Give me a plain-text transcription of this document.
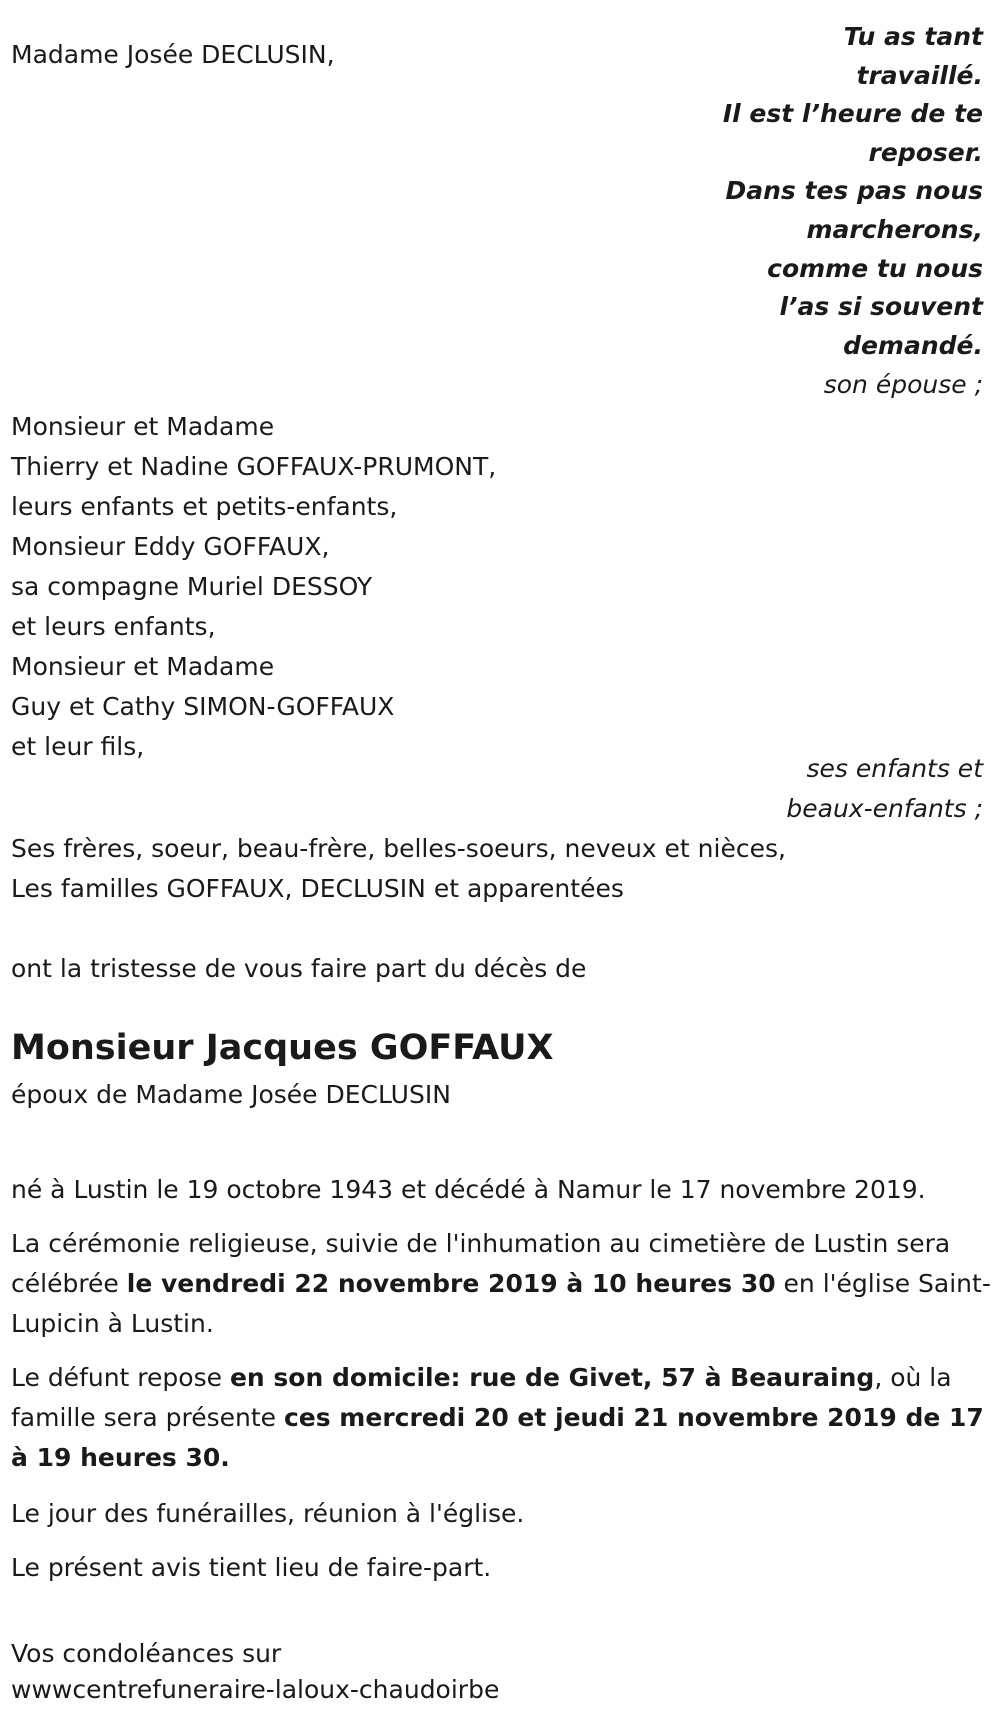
Madame Josée DECLUSIN,
Tu as tant
travaillé.
Il est l’heure de te
reposer.
Dans tes pas nous
marcherons,
comme tu nous
l’as si souvent
demandé.
son épouse ;
Monsieur et Madame
Thierry et Nadine GOFFAUX-PRUMONT,
leurs enfants et petits-enfants,
Monsieur Eddy GOFFAUX,
sa compagne Muriel DESSOY
et leurs enfants,
Monsieur et Madame
Guy et Cathy SIMON-GOFFAUX
et leur fils,
ses enfants et
beaux-enfants ;
Ses frères, soeur, beau-frère, belles-soeurs, neveux et nièces,
Les familles GOFFAUX, DECLUSIN et apparentées
ont la tristesse de vous faire part du décès de
Monsieur Jacques GOFFAUX
époux de Madame Josée DECLUSIN
né à Lustin le 19 octobre 1943 et décédé à Namur le 17 novembre 2019.
La cérémonie religieuse, suivie de l'inhumation au cimetière de Lustin sera célébrée le vendredi 22 novembre 2019 à 10 heures 30 en l'église Saint-Lupicin à Lustin.
Le défunt repose en son domicile: rue de Givet, 57 à Beauraing, où la famille sera présente ces mercredi 20 et jeudi 21 novembre 2019 de 17 à 19 heures 30.
Le jour des funérailles, réunion à l'église.
Le présent avis tient lieu de faire-part.
Vos condoléances sur
wwwcentrefuneraire-laloux-chaudoirbe
